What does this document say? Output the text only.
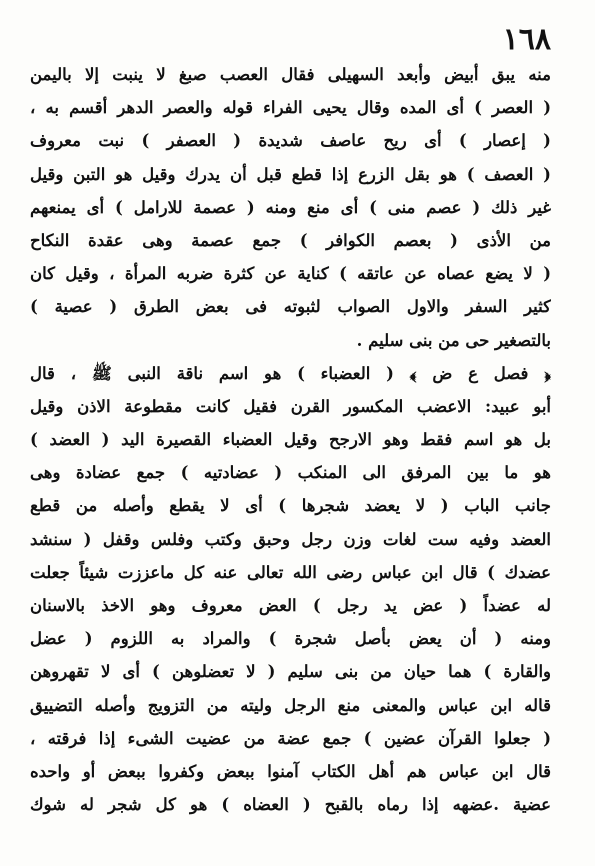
١٦٨
منه يبق أبيض وأبعد السهيلى فقال العصب صبغ لا ينبت إلا باليمن
( العصر ) أى المده وقال يحيى الفراء قوله والعصر الدهر أقسم به ،
( إعصار ) أى ريح عاصف شديدة ( العصفر ) نبت معروف
( العصف ) هو بقل الزرع إذا قطع قبل أن يدرك وقيل هو التبن وقيل
غير ذلك ( عصم منى ) أى منع ومنه ( عصمة للارامل ) أى يمنعهم
من الأذى ( بعصم الكوافر ) جمع عصمة وهى عقدة النكاح
( لا يضع عصاه عن عاتقه ) كناية عن كثرة ضربه المرأة ، وقيل كان
كثير السفر والاول الصواب لثبوته فى بعض الطرق ( عصية )
بالتصغير حى من بنى سليم .
﴿ فصل ع ض ﴾ ( العضباء ) هو اسم ناقة النبى ﷺ ، قال
أبو عبيد: الاعضب المكسور القرن فقيل كانت مقطوعة الاذن وقيل
بل هو اسم فقط وهو الارجح وقيل العضباء القصيرة اليد ( العضد )
هو ما بين المرفق الى المنكب ( عضادتيه ) جمع عضادة وهى
جانب الباب ( لا يعضد شجرها ) أى لا يقطع وأصله من قطع
العضد وفيه ست لغات وزن رجل وحبق وكتب وفلس وقفل ( سنشد
عضدك ) قال ابن عباس رضى الله تعالى عنه كل ماعززت شيئاً جعلت
له عضداً ( عض يد رجل ) العض معروف وهو الاخذ بالاسنان
ومنه ( أن يعض بأصل شجرة ) والمراد به اللزوم ( عضل
والقارة ) هما حيان من بنى سليم ( لا تعضلوهن ) أى لا تقهروهن
قاله ابن عباس والمعنى منع الرجل وليته من التزويج وأصله التضييق
( جعلوا القرآن عضين ) جمع عضة من عضيت الشىء إذا فرقته ،
قال ابن عباس هم أهل الكتاب آمنوا ببعض وكفروا ببعض أو واحده
عضية .عضهه إذا رماه بالقبح ( العضاه ) هو كل شجر له شوك
